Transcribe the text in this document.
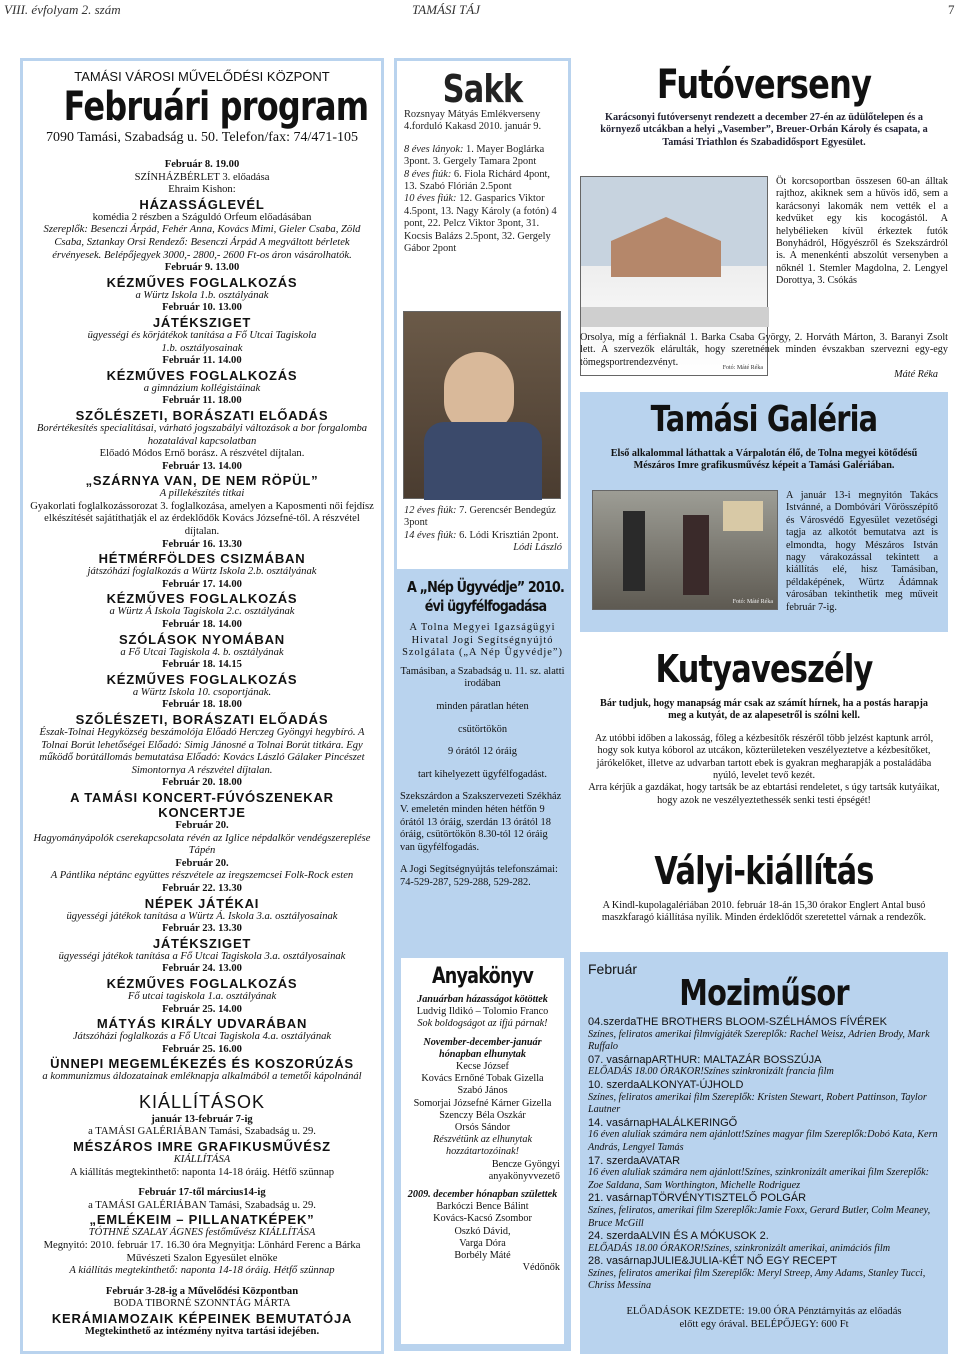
VIII. évfolyam 2. szám	TAMÁSI TÁJ	7

TAMÁSI VÁROSI MŰVELŐDÉSI KÖZPONT

Februári program

7090 Tamási, Szabadság u. 50. Telefon/fax: 74/471-105

Február 8. 19.00

SZÍNHÁZBÉRLET 3. előadása

Ehraim Kishon:

HÁZASSÁGLEVÉL

komédia 2 részben a Száguldó Orfeum előadásában

Szereplők: Besenczi Árpád, Fehér Anna, Kovács Mimi, Gieler Csaba, Zöld Csaba, Sztankay Orsi Rendező: Besenczi Árpád A megváltott bérletek érvényesek. Belépőjegyek 3000,- 2800,- 2600 Ft-os áron vásárolhatók.

Február 9. 13.00

KÉZMŰVES FOGLALKOZÁS

a Würtz Iskola 1.b. osztályának

Február 10. 13.00

JÁTÉKSZIGET

ügyességi és körjátékok tanítása a Fő Utcai Tagiskola

1.b. osztályosainak

Február 11. 14.00

KÉZMŰVES FOGLALKOZÁS

a gimnázium kollégistáinak

Február 11. 18.00

SZŐLÉSZETI, BORÁSZATI ELŐADÁS

Borértékesítés specialitásai, várható jogszabályi változások a bor forgalomba hozatalával kapcsolatban

Előadó Módos Ernő borász. A részvétel díjtalan.

Február 13. 14.00

„SZÁRNYA VAN, DE NEM RÖPÜL”

A pillekészítés titkai

Gyakorlati foglalkozássorozat 3. foglalkozása, amelyen a Kaposmenti női fejdísz elkészítését sajátíthatják el az érdeklődők Kovács Józsefné-től. A részvétel díjtalan.

Február 16. 13.30

HÉTMÉRFÖLDES CSIZMÁBAN

játszóházi foglalkozás a Würtz Iskola 2.b. osztályának

Február 17. 14.00

KÉZMŰVES FOGLALKOZÁS

a Würtz Á Iskola Tagiskola 2.c. osztályának

Február 18. 14.00

SZÓLÁSOK NYOMÁBAN

a Fő Utcai Tagiskola 4. b. osztályának

Február 18. 14.15

KÉZMŰVES FOGLALKOZÁS

a Würtz Iskola 10. csoportjának.

Február 18. 18.00

SZŐLÉSZETI, BORÁSZATI ELŐADÁS

Észak-Tolnai Hegyközség beszámolója Előadó Herczeg Gyöngyi hegybíró. A Tolnai Borút lehetőségei Előadó: Simig Jánosné a Tolnai Borút titkára. Egy működő borútállomás bemutatása Előadó: Kovács László Gálaker Pincészet Simontornya A részvétel díjtalan.

Február 20. 18.00

A TAMÁSI KONCERT-FÚVÓSZENEKAR KONCERTJE

Február 20.

Hagyományápolók cserekapcsolata révén az Iglice népdalkör vendégszereplése Tápén

Február 20.

A Pántlika néptánc együttes részvétele az iregszemcsei Folk-Rock esten

Február 22. 13.30

NÉPEK JÁTÉKAI

ügyességi játékok tanítása a Würtz Á. Iskola 3.a. osztályosainak

Február 23. 13.30

JÁTÉKSZIGET

ügyességi játékok tanítása a Fő Utcai Tagiskola 3.a. osztályosainak

Február 24. 13.00

KÉZMŰVES FOGLALKOZÁS

Fő utcai tagiskola 1.a. osztályának

Február 25. 14.00

MÁTYÁS KIRÁLY UDVARÁBAN

Játszóházi foglalkozás a Fő Utcai Tagiskola 4.a. osztályának

Február 25. 16.00

ÜNNEPI MEGEMLÉKEZÉS ÉS KOSZORÚZÁS

a kommunizmus áldozatainak emléknapja alkalmából a temetői kápolnánál

KIÁLLÍTÁSOK

január 13-február 7-ig

a TAMÁSI GALÉRIÁBAN Tamási, Szabadság u. 29.

MÉSZÁROS IMRE GRAFIKUSMŰVÉSZ

KIÁLLÍTÁSA

A kiállítás megtekinthető: naponta 14-18 óráig. Hétfő szünnap

Február 17-től március14-ig

a TAMÁSI GALÉRIÁBAN Tamási, Szabadság u. 29.

„EMLÉKEIM – PILLANATKÉPEK”

TÓTHNÉ SZALAY ÁGNES festőművész KIÁLLÍTÁSA

Megnyitó: 2010. február 17. 16.30 óra Megnyitja: Lönhárd Ferenc a Bárka Művészeti Szalon Egyesület elnöke

A kiállítás megtekinthető: naponta 14-18 óráig. Hétfő szünnap

Február 3-28-ig a Művelődési Központban

BODA TIBORNÉ SZONNTÁG MÁRTA

KERÁMIAMOZAIK KÉPEINEK BEMUTATÓJA

Megtekinthető az intézmény nyitva tartási idejében.

Sakk

Rozsnyay Mátyás Emlékverseny 4.forduló Kakasd 2010. január 9.

8 éves lányok: 1. Mayer Boglárka 3pont. 3. Gergely Tamara 2pont

8 éves fiúk: 6. Fiola Richárd 4pont, 13. Szabó Flórián 2.5pont

10 éves fiúk: 12. Gasparics Viktor 4.5pont, 13. Nagy Károly (a fotón) 4 pont, 22. Pelcz Viktor 3pont, 31. Kocsis Balázs 2.5pont, 32. Gergely Gábor 2pont

12 éves fiúk: 7. Gerencsér Bendegúz 3pont

14 éves fiúk: 6. Lódi Krisztián 2pont.

Lódi László

A „Nép Ügyvédje” 2010. évi ügyfélfogadása

A Tolna Megyei Igazságügyi Hivatal Jogi Segítségnyújtó Szolgálata („A Nép Ügyvédje”)

Tamásiban, a Szabadság u. 11. sz. alatti irodában

minden páratlan héten

csütörtökön

9 órától 12 óráig

tart kihelyezett ügyfélfogadást.

Szekszárdon a Szakszervezeti Székház V. emeletén minden héten hétfőn 9 órától 13 óráig, szerdán 13 órától 18 óráig, csütörtökön 8.30-tól 12 óráig van ügyfélfogadás.

A Jogi Segítségnyújtás telefonszámai: 74-529-287, 529-288, 529-282.

Anyakönyv

Januárban házasságot kötöttek

Ludvig Ildikó – Tolomio Franco

Sok boldogságot az ifjú párnak!

November-december-január hónapban elhunytak

Kecse József
Kovács Ernőné Tobak Gizella
Szabó János
Somorjai Józsefné Kárner Gizella
Szenczy Béla Oszkár
Orsós Sándor

Részvétünk az elhunytak hozzátartozóinak!

Bencze Gyöngyi
anyakönyvvezető

2009. december hónapban születtek

Barkóczi Bence Bálint
Kovács-Kacsó Zsombor
Oszkó Dávid,
Varga Dóra
Borbély Máté

Védőnők

Futóverseny

Karácsonyi futóversenyt rendezett a december 27-én az üdülőtelepen és a környező utcákban a helyi „Vasember”, Breuer-Orbán Károly és csapata, a Tamási Triathlon és Szabadidősport Egyesület.

Fotó: Máté Réka

Öt korcsoportban összesen 60-an álltak rajthoz, akiknek sem a hűvös idő, sem a karácsonyi lakomák nem vették el a kedvüket egy kis kocogástól. A helybélieken kívül érkeztek futók Bonyhádról, Hőgyészről és Szekszárdról is. A menenkénti abszolút versenyben a nőknél 1. Stemler Magdolna, 2. Lengyel Dorottya, 3. Csókás

Orsolya, míg a férfiaknál 1. Barka Csaba György, 2. Horváth Márton, 3. Baranyi Zsolt lett. A szervezők elárulták, hogy szeretnének minden évszakban szervezni egy-egy tömegsportrendezvényt.

Máté Réka

Tamási Galéria

Első alkalommal láthattak a Várpalotán élő, de Tolna megyei kötődésű Mészáros Imre grafikusművész képeit a Tamási Galériában.

Fotó: Máté Réka

A január 13-i megnyitón Takács Istvánné, a Dombóvári Vörösszépítő és Városvédő Egyesület vezetőségi tagja az alkotót bemutatva azt is elmondta, hogy Mészáros István nagy várakozással tekintett a kiállítás elé, hisz Tamásiban, példaképének, Würtz Ádámnak városában tekinthetik meg műveit február 7-ig.

Kutyaveszély

Bár tudjuk, hogy manapság már csak az számít hírnek, ha a postás harapja meg a kutyát, de az alapesetről is szólni kell.

Az utóbbi időben a lakosság, főleg a kézbesítők részéről több jelzést kaptunk arról, hogy sok kutya kóborol az utcákon, közterületeken veszélyeztetve a kézbesítőket, járókelőket, illetve az udvarban tartott ebek is gyakran megharapják a postaládába nyúló, levelet tevő kezét.
Arra kérjük a gazdákat, hogy tartsák be az ebtartási rendeletet, s úgy tartsák kutyáikat, hogy azok ne veszélyeztethessék senki testi épségét!

Vályi-kiállítás

A Kindl-kupolagalériában 2010. február 18-án 15,30 órakor Englert Antal busó maszkfaragó kiállítása nyílik. Minden érdeklődőt szeretettel várnak a rendezők.

Február

Moziműsor

04.szerdaTHE BROTHERS BLOOM-SZÉLHÁMOS FÍVÉREK

Színes, feliratos amerikai filmvígjáték Szereplők: Rachel Weisz, Adrien Brody, Mark Ruffalo

07. vasárnapARTHUR: MALTAZÁR BOSSZÚJA

ELŐADÁS 18.00 ÓRAKOR!Színes szinkronizált francia film

10. szerdaALKONYAT-ÚJHOLD

Színes, feliratos amerikai film Szereplők: Kristen Stewart, Robert Pattinson, Taylor Lautner

14. vasárnapHALÁLKERINGŐ

16 éven aluliak számára nem ajánlott!Színes magyar film Szereplők:Dobó Kata, Kern András, Lengyel Tamás

17. szerdaAVATAR

16 éven aluliak számára nem ajánlott!Színes, szinkronizált amerikai film Szereplők: Zoe Saldana, Sam Worthington, Michelle Rodriguez

21. vasárnapTÖRVÉNYTISZTELŐ POLGÁR

Színes, feliratos, amerikai film Szereplők:Jamie Foxx, Gerard Butler, Colm Meaney, Bruce McGill

24. szerdaALVIN ÉS A MÓKUSOK 2.

ELŐADÁS 18.00 ÓRAKOR!Színes, szinkronizált amerikai, animációs film

28. vasárnapJULIE&JULIA-KÉT NŐ EGY RECEPT

Színes, feliratos amerikai film Szereplők: Meryl Streep, Amy Adams, Stanley Tucci, Chriss Messina

ELŐADÁSOK KEZDETE: 19.00 ÓRA Pénztárnyitás az előadás előtt egy órával. BELÉPŐJEGY: 600 Ft
